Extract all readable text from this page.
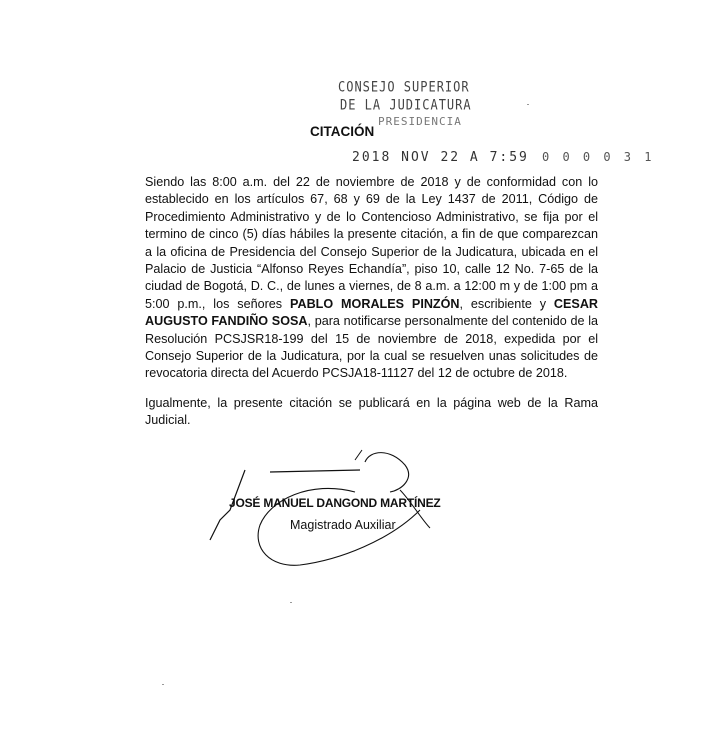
CONSEJO SUPERIOR
DE LA JUDICATURA
PRESIDENCIA
2018 NOV 22 A 7:59 0 0 0 0 3 1
CITACIÓN

Siendo las 8:00 a.m. del 22 de noviembre de 2018 y de conformidad con lo establecido en los artículos 67, 68 y 69 de la Ley 1437 de 2011, Código de Procedimiento Administrativo y de lo Contencioso Administrativo, se fija por el termino de cinco (5) días hábiles la presente citación, a fin de que comparezcan a la oficina de Presidencia del Consejo Superior de la Judicatura, ubicada en el Palacio de Justicia “Alfonso Reyes Echandía”, piso 10, calle 12 No. 7-65 de la ciudad de Bogotá, D. C., de lunes a viernes, de 8 a.m. a 12:00 m y de 1:00 pm a 5:00 p.m., los señores PABLO MORALES PINZÓN, escribiente y CESAR AUGUSTO FANDIÑO SOSA, para notificarse personalmente del contenido de la Resolución PCSJSR18-199 del 15 de noviembre de 2018, expedida por el Consejo Superior de la Judicatura, por la cual se resuelven unas solicitudes de revocatoria directa del Acuerdo PCSJA18-11127 del 12 de octubre de 2018.

Igualmente, la presente citación se publicará en la página web de la Rama Judicial.

JOSÉ MANUEL DANGOND MARTÍNEZ
Magistrado Auxiliar
